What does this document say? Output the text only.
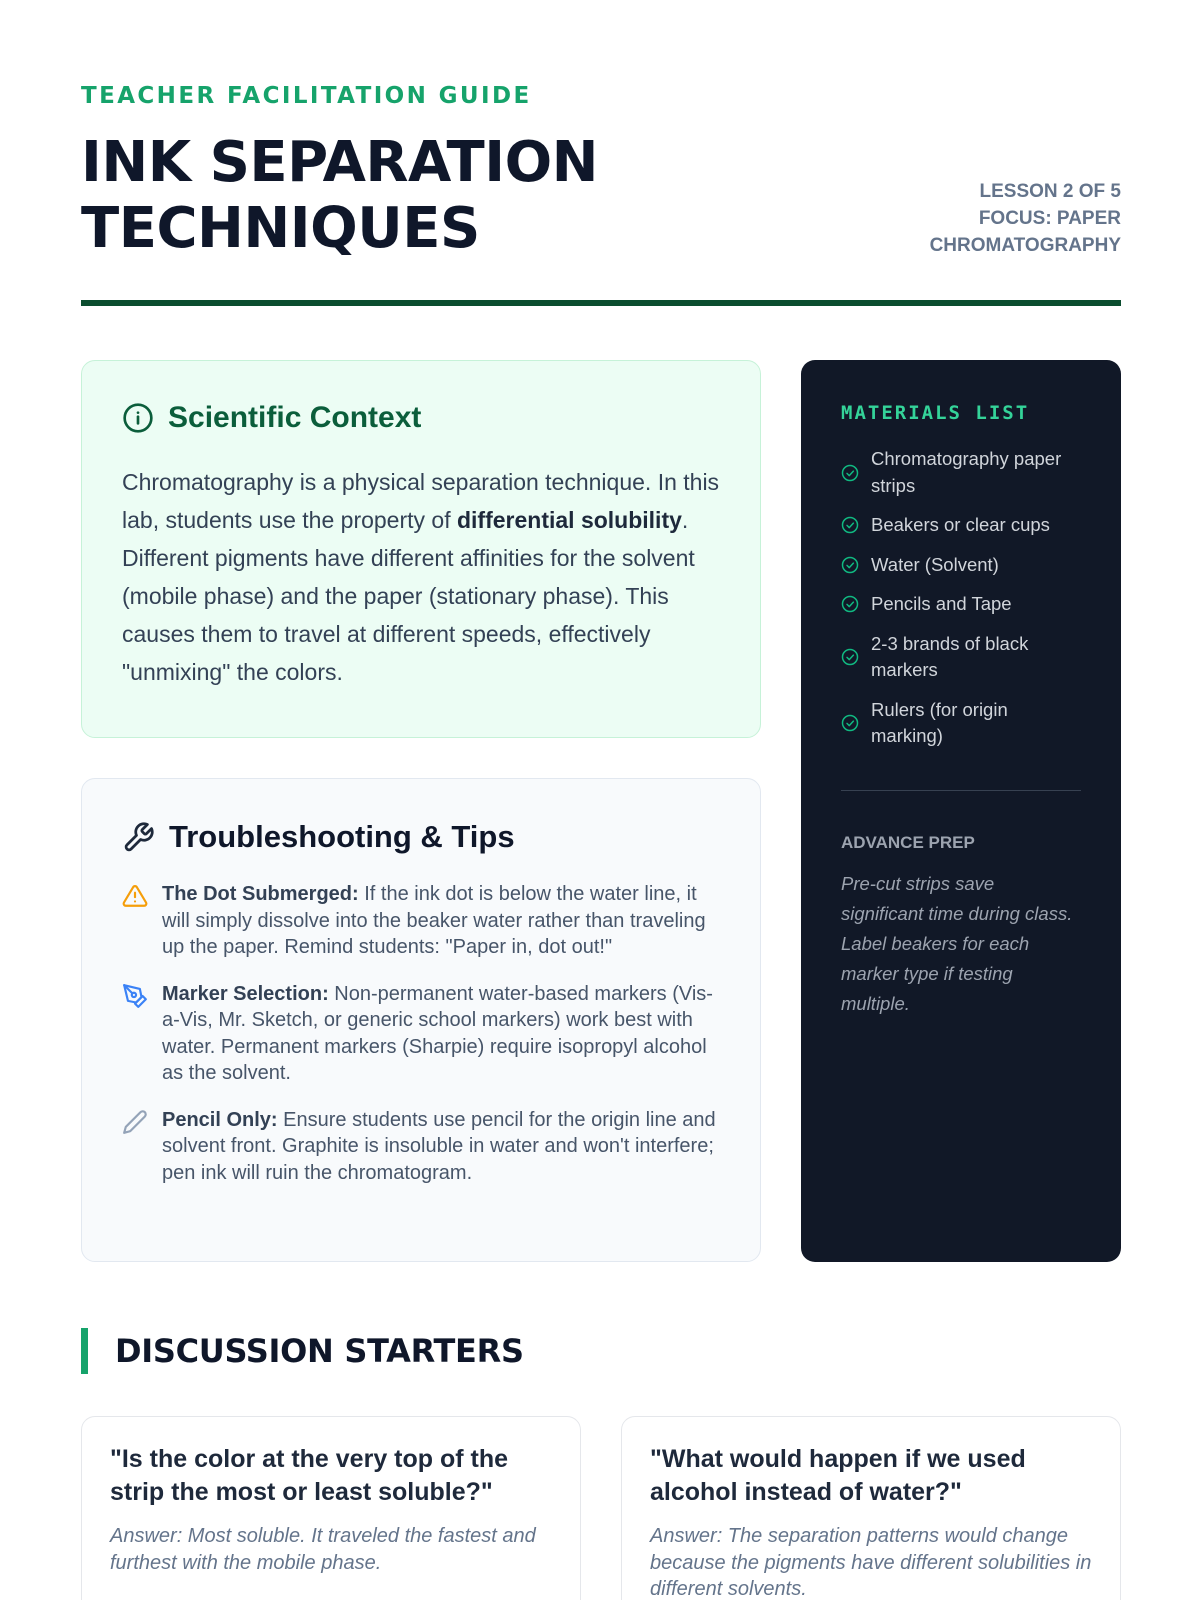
TEACHER FACILITATION GUIDE
INK SEPARATION
TECHNIQUES
LESSON 2 OF 5
FOCUS: PAPER
CHROMATOGRAPHY
Scientific Context

Chromatography is a physical separation technique. In this lab, students use the property of differential solubility. Different pigments have different affinities for the solvent (mobile phase) and the paper (stationary phase). This causes them to travel at different speeds, effectively "unmixing" the colors.

Troubleshooting & Tips

The Dot Submerged: If the ink dot is below the water line, it will simply dissolve into the beaker water rather than traveling up the paper. Remind students: "Paper in, dot out!"

Marker Selection: Non-permanent water-based markers (Vis-a-Vis, Mr. Sketch, or generic school markers) work best with water. Permanent markers (Sharpie) require isopropyl alcohol as the solvent.

Pencil Only: Ensure students use pencil for the origin line and solvent front. Graphite is insoluble in water and won't interfere; pen ink will ruin the chromatogram.

MATERIALS LIST
Chromatography paper strips
Beakers or clear cups
Water (Solvent)
Pencils and Tape
2-3 brands of black markers
Rulers (for origin marking)
ADVANCE PREP

Pre-cut strips save significant time during class. Label beakers for each marker type if testing multiple.

DISCUSSION STARTERS
"Is the color at the very top of the strip the most or least soluble?"
Answer: Most soluble. It traveled the fastest and furthest with the mobile phase.
"What would happen if we used alcohol instead of water?"
Answer: The separation patterns would change because the pigments have different solubilities in different solvents.
